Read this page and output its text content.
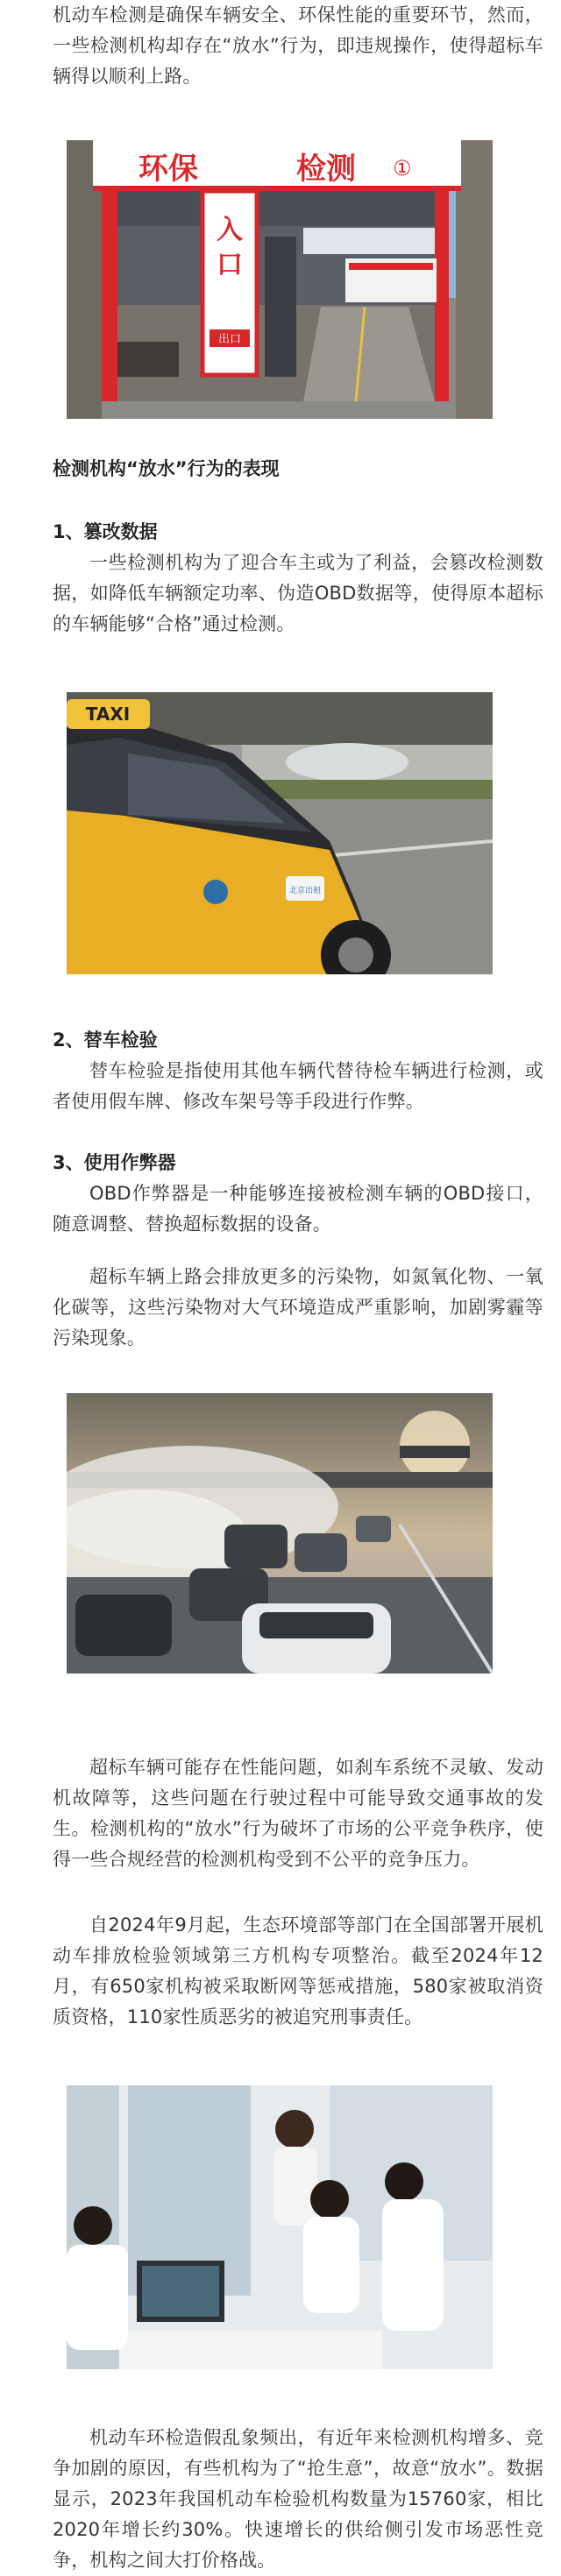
机动车检测是确保车辆安全、环保性能的重要环节，然而，一些检测机构却存在“放水”行为，即违规操作，使得超标车辆得以顺利上路。

环保	检测 ①
入
口
出口
检测机构“放水”行为的表现
1、篡改数据

一些检测机构为了迎合车主或为了利益，会篡改检测数据，如降低车辆额定功率、伪造OBD数据等，使得原本超标的车辆能够“合格”通过检测。

TAXI
北京出租
2、替车检验

替车检验是指使用其他车辆代替待检车辆进行检测，或者使用假车牌、修改车架号等手段进行作弊。

3、使用作弊器

OBD作弊器是一种能够连接被检测车辆的OBD接口，随意调整、替换超标数据的设备。

超标车辆上路会排放更多的污染物，如氮氧化物、一氧化碳等，这些污染物对大气环境造成严重影响，加剧雾霾等污染现象。

超标车辆可能存在性能问题，如刹车系统不灵敏、发动机故障等，这些问题在行驶过程中可能导致交通事故的发生。检测机构的“放水”行为破坏了市场的公平竞争秩序，使得一些合规经营的检测机构受到不公平的竞争压力。

自2024年9月起，生态环境部等部门在全国部署开展机动车排放检验领域第三方机构专项整治。截至2024年12月，有650家机构被采取断网等惩戒措施，580家被取消资质资格，110家性质恶劣的被追究刑事责任。

机动车环检造假乱象频出，有近年来检测机构增多、竞争加剧的原因，有些机构为了“抢生意”，故意“放水”。数据显示，2023年我国机动车检验机构数量为15760家，相比2020年增长约30%。快速增长的供给侧引发市场恶性竞争，机构之间大打价格战。
